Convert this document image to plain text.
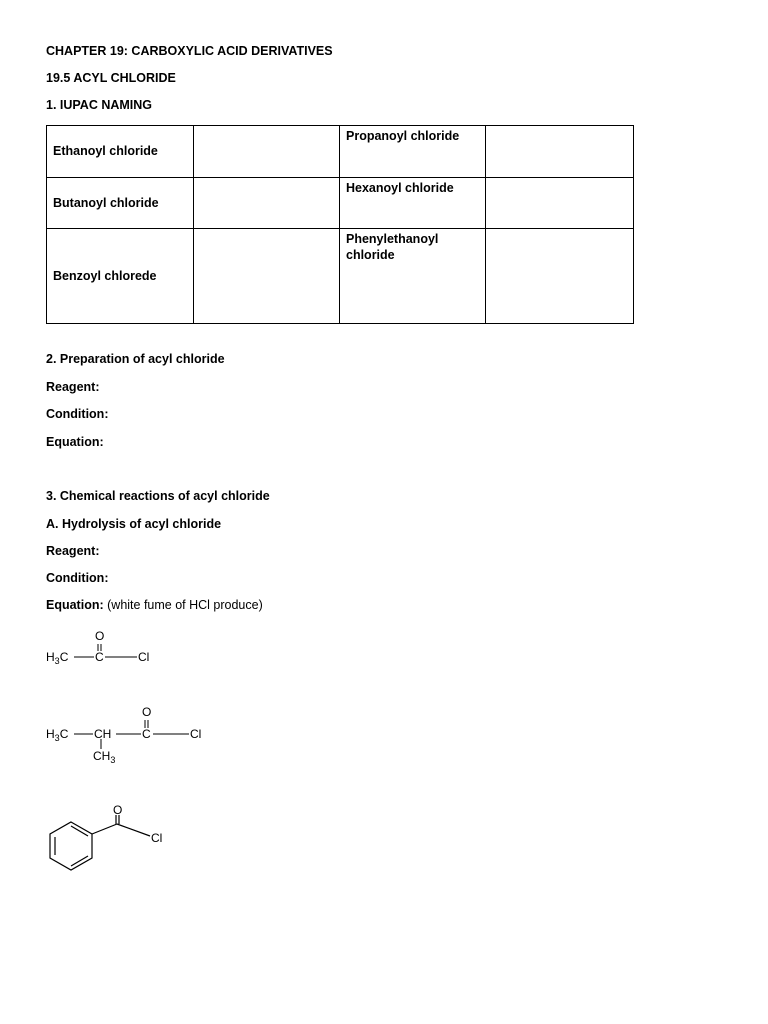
CHAPTER 19: CARBOXYLIC ACID DERIVATIVES
19.5 ACYL CHLORIDE
1. IUPAC NAMING
Ethanoyl chloride		Propanoyl chloride	
Butanoyl chloride		Hexanoyl chloride	
Benzoyl chlorede		Phenylethanoyl chloride	
2. Preparation of acyl chloride
Reagent:
Condition:
Equation:
3. Chemical reactions of acyl chloride
A. Hydrolysis of acyl chloride
Reagent:
Condition:
Equation: (white fume of HCl produce)
$H_3C$ C
O
Cl
$H_3C$ CH	C
O
Cl
$CH_3$
O
Cl
